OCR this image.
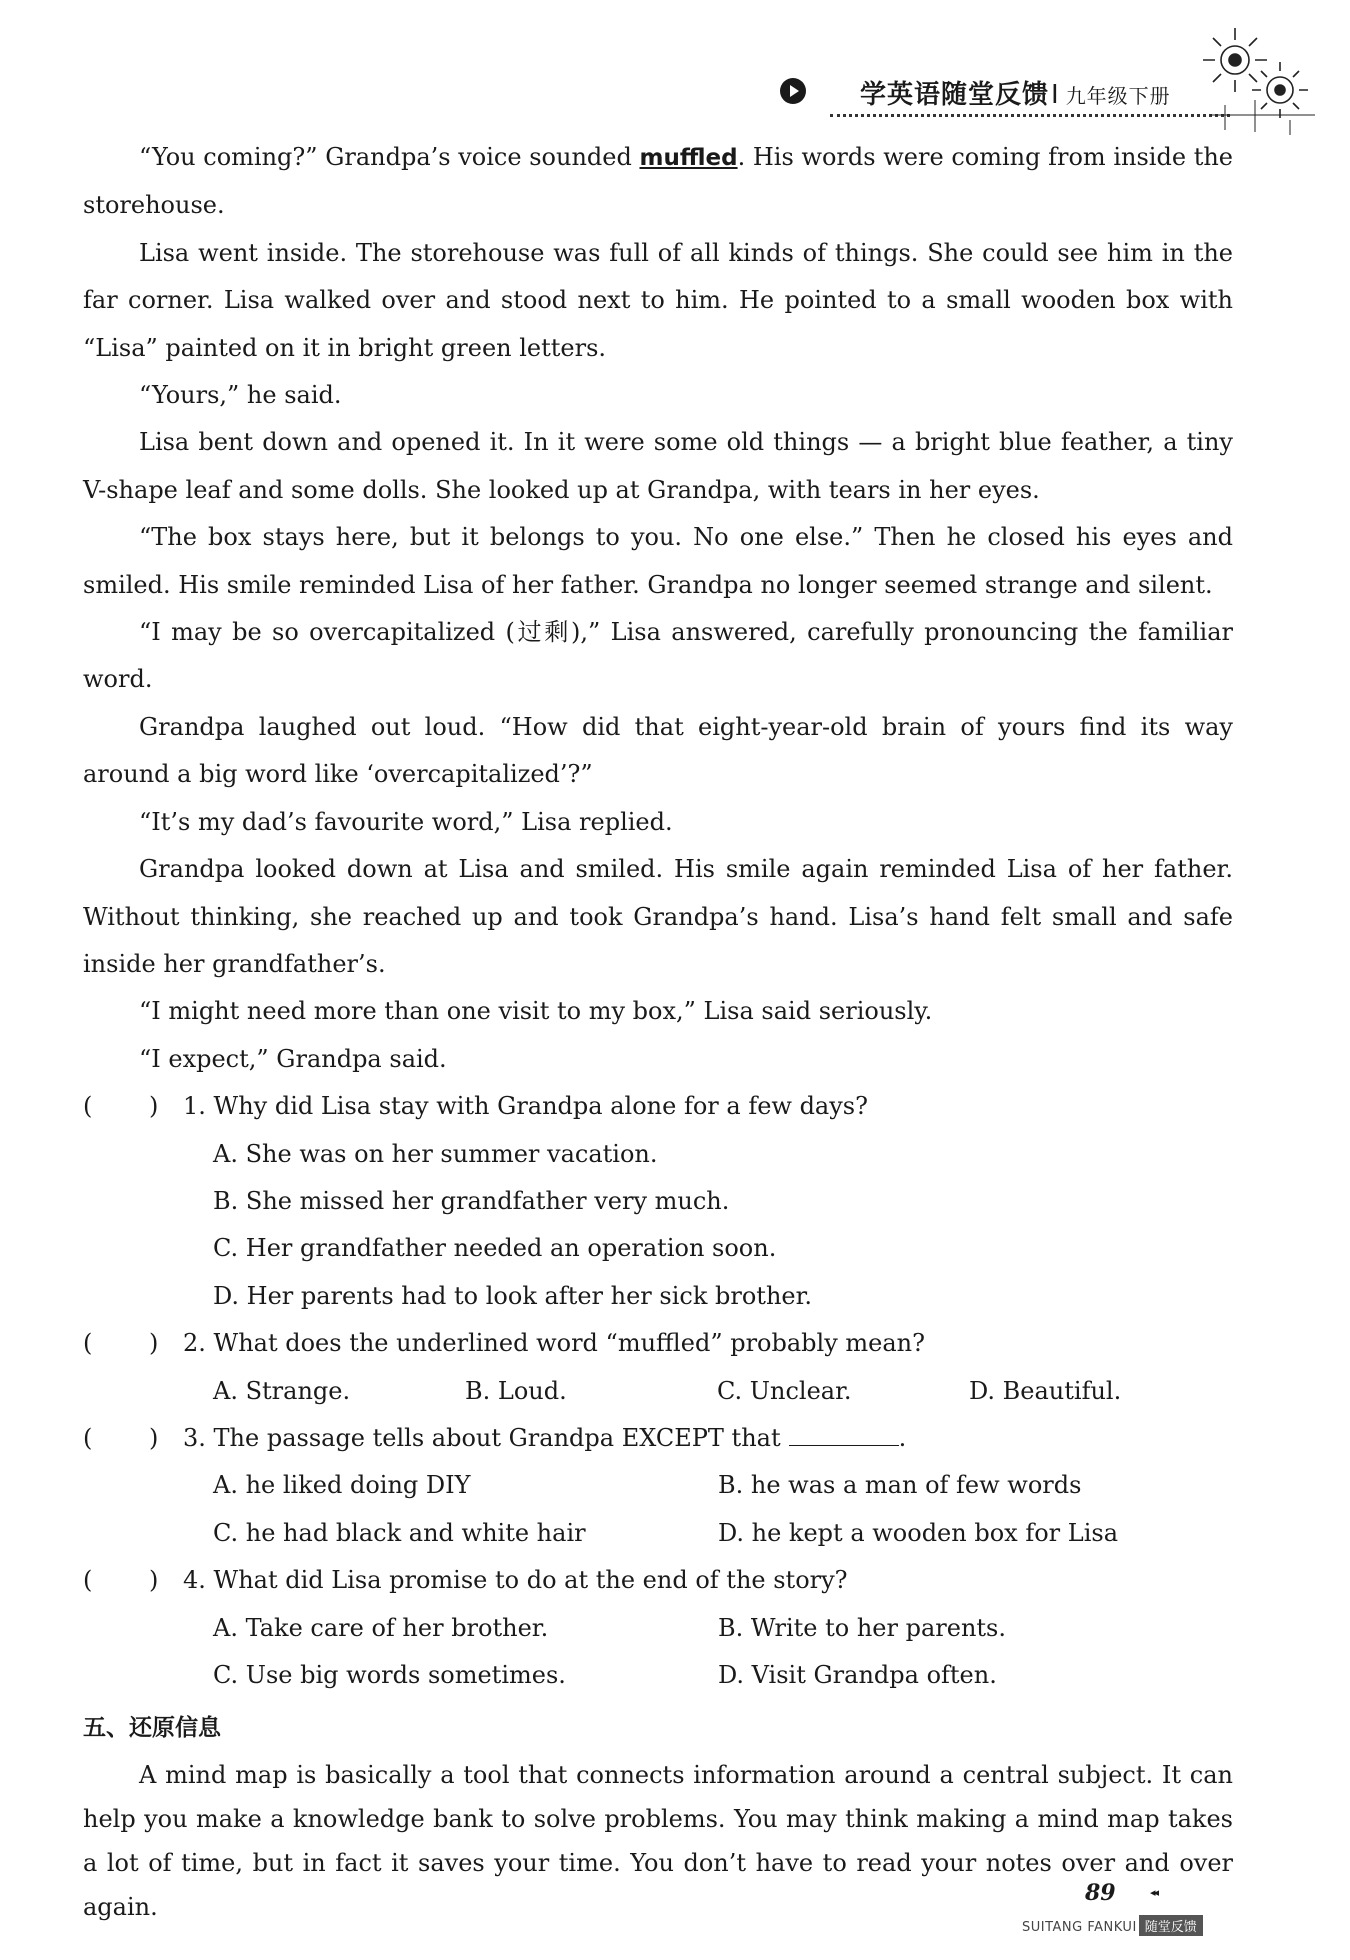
学英语随堂反馈I 九年级下册

“You coming?” Grandpa’s voice sounded muffled. His words were coming from inside the storehouse.

Lisa went inside. The storehouse was full of all kinds of things. She could see him in the far corner. Lisa walked over and stood next to him. He pointed to a small wooden box with “Lisa” painted on it in bright green letters.

“Yours,” he said.

Lisa bent down and opened it. In it were some old things — a bright blue feather, a tiny V-shape leaf and some dolls. She looked up at Grandpa, with tears in her eyes.

“The box stays here, but it belongs to you. No one else.” Then he closed his eyes and smiled. His smile reminded Lisa of her father. Grandpa no longer seemed strange and silent.

“I may be so overcapitalized (过剩),” Lisa answered, carefully pronouncing the familiar word.

Grandpa laughed out loud. “How did that eight-year-old brain of yours find its way around a big word like ‘overcapitalized’?”

“It’s my dad’s favourite word,” Lisa replied.

Grandpa looked down at Lisa and smiled. His smile again reminded Lisa of her father. Without thinking, she reached up and took Grandpa’s hand. Lisa’s hand felt small and safe inside her grandfather’s.

“I might need more than one visit to my box,” Lisa said seriously.

“I expect,” Grandpa said.

( ) 1. Why did Lisa stay with Grandpa alone for a few days?

A. She was on her summer vacation.

B. She missed her grandfather very much.

C. Her grandfather needed an operation soon.

D. Her parents had to look after her sick brother.

( ) 2. What does the underlined word “muffled” probably mean?

A. Strange.	B. Loud.	C. Unclear.	D. Beautiful.

( ) 3. The passage tells about Grandpa EXCEPT that	.

A. he liked doing DIY	B. he was a man of few words

C. he had black and white hair	D. he kept a wooden box for Lisa

( ) 4. What did Lisa promise to do at the end of the story?

A. Take care of her brother.	B. Write to her parents.

C. Use big words sometimes.	D. Visit Grandpa often.

五、还原信息

A mind map is basically a tool that connects information around a central subject. It can help you make a knowledge bank to solve problems. You may think making a mind map takes a lot of time, but in fact it saves your time. You don’t have to read your notes over and over again.	89	◂◂
SUITANG FANKUI 随堂反馈
